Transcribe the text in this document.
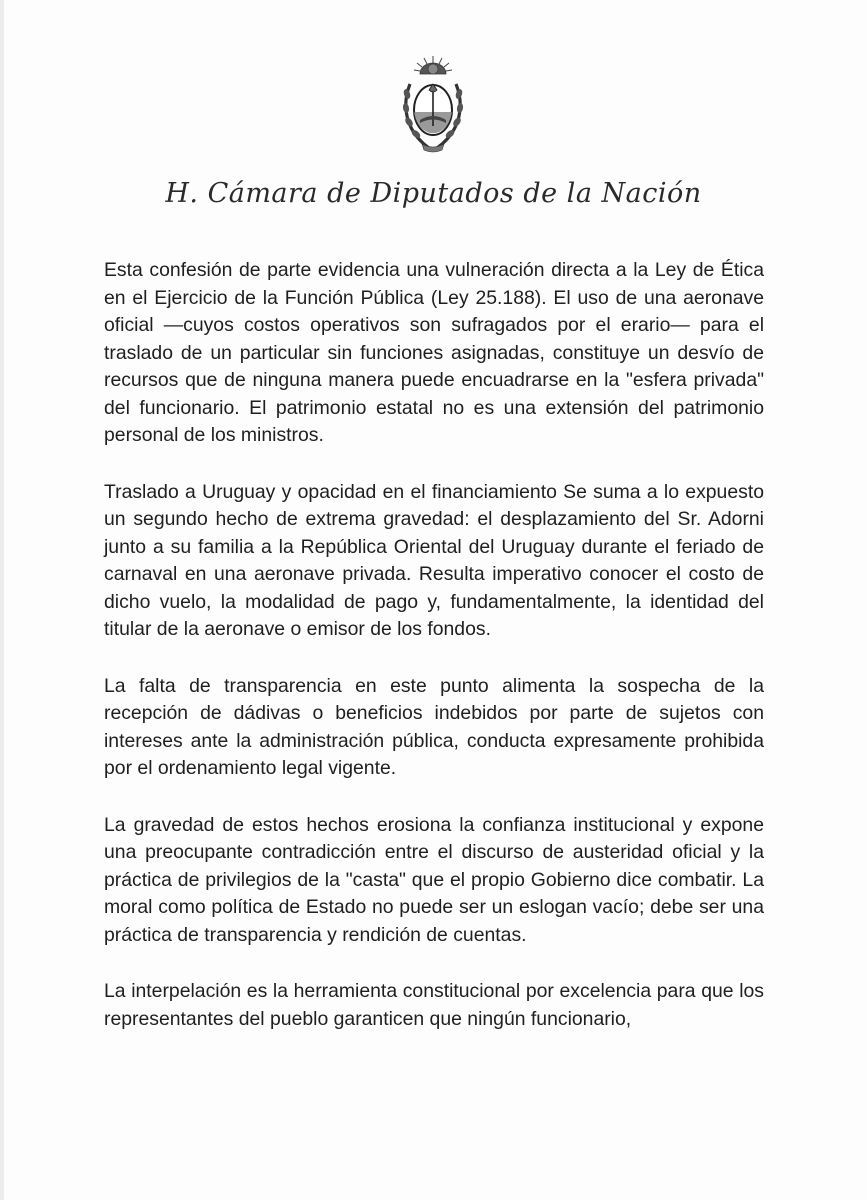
H. Cámara de Diputados de la Nación

Esta confesión de parte evidencia una vulneración directa a la Ley de Ética en el Ejercicio de la Función Pública (Ley 25.188). El uso de una aeronave oficial —cuyos costos operativos son sufragados por el erario— para el traslado de un particular sin funciones asignadas, constituye un desvío de recursos que de ninguna manera puede encuadrarse en la "esfera privada" del funcionario. El patrimonio estatal no es una extensión del patrimonio personal de los ministros.

Traslado a Uruguay y opacidad en el financiamiento Se suma a lo expuesto un segundo hecho de extrema gravedad: el desplazamiento del Sr. Adorni junto a su familia a la República Oriental del Uruguay durante el feriado de carnaval en una aeronave privada. Resulta imperativo conocer el costo de dicho vuelo, la modalidad de pago y, fundamentalmente, la identidad del titular de la aeronave o emisor de los fondos.

La falta de transparencia en este punto alimenta la sospecha de la recepción de dádivas o beneficios indebidos por parte de sujetos con intereses ante la administración pública, conducta expresamente prohibida por el ordenamiento legal vigente.

La gravedad de estos hechos erosiona la confianza institucional y expone una preocupante contradicción entre el discurso de austeridad oficial y la práctica de privilegios de la "casta" que el propio Gobierno dice combatir. La moral como política de Estado no puede ser un eslogan vacío; debe ser una práctica de transparencia y rendición de cuentas.

La interpelación es la herramienta constitucional por excelencia para que los representantes del pueblo garanticen que ningún funcionario,
